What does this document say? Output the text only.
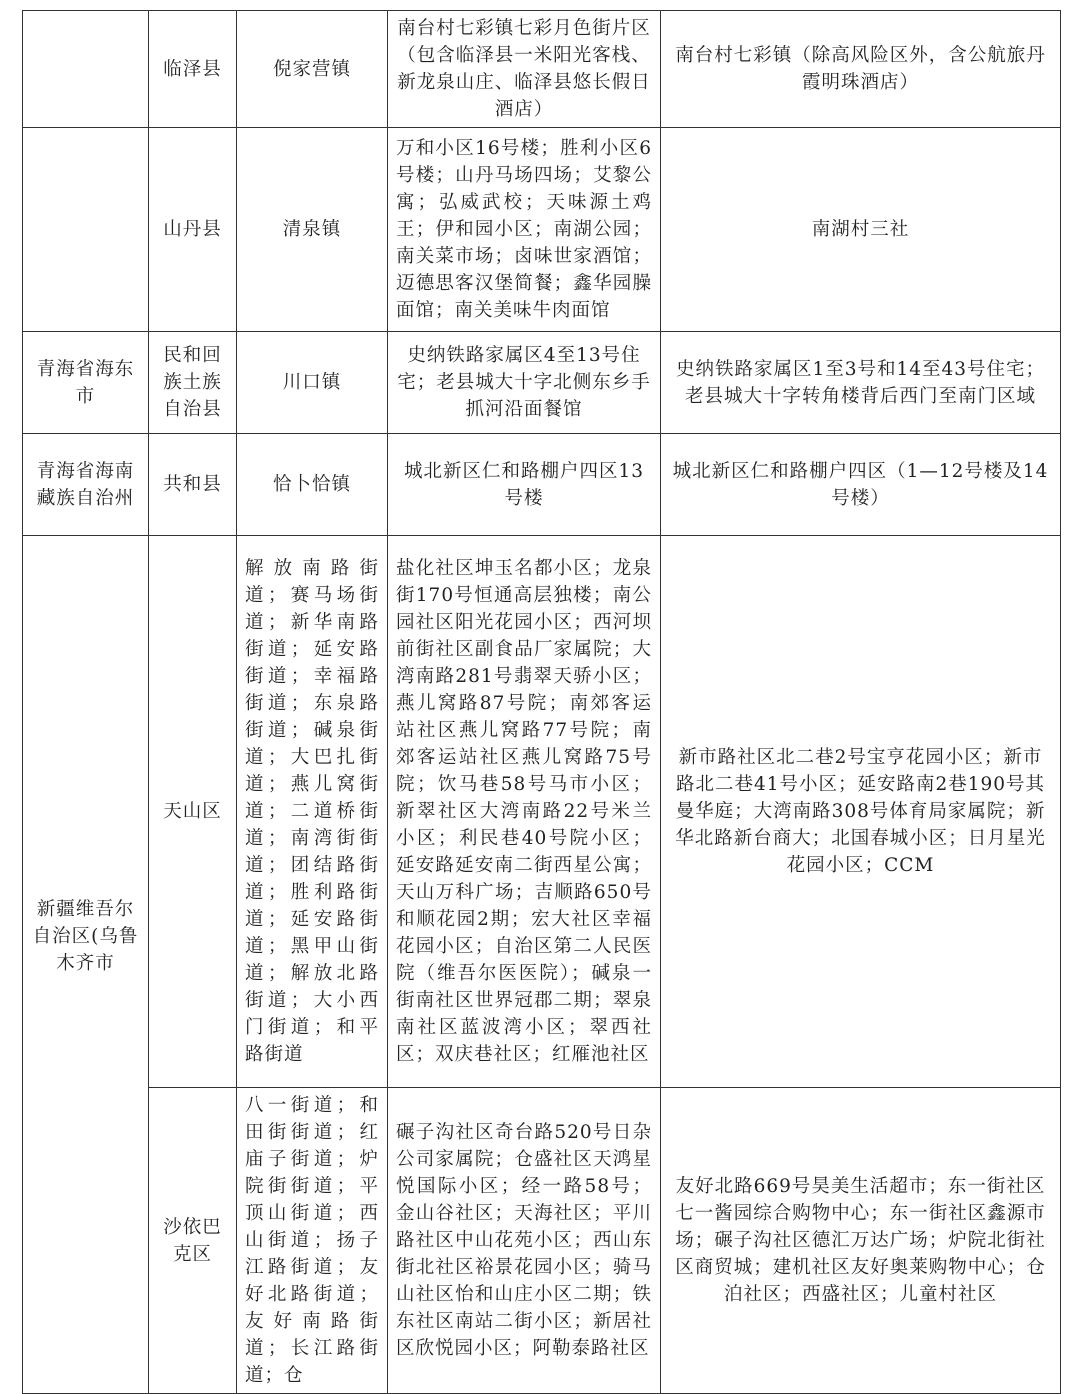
	临泽县	倪家营镇	南台村七彩镇七彩月色街片区（包含临泽县一米阳光客栈、新龙泉山庄、临泽县悠长假日酒店）	南台村七彩镇（除高风险区外，含公航旅丹霞明珠酒店）
	山丹县	清泉镇	万和小区16号楼；胜利小区6号楼；山丹马场四场；艾黎公寓；弘威武校；天味源土鸡王；伊和园小区；南湖公园；南关菜市场；卤味世家酒馆；迈德思客汉堡简餐；鑫华园臊面馆；南关美味牛肉面馆	南湖村三社
青海省海东市	民和回族土族自治县	川口镇	史纳铁路家属区4至13号住宅；老县城大十字北侧东乡手抓河沿面餐馆	史纳铁路家属区1至3号和14至43号住宅；老县城大十字转角楼背后西门至南门区域
青海省海南藏族自治州	共和县	恰卜恰镇	城北新区仁和路棚户四区13号楼	城北新区仁和路棚户四区（1—12号楼及14号楼）
新疆维吾尔自治区(乌鲁木齐市	天山区	解放南路街道；赛马场街道；新华南路街道；延安路街道；幸福路街道；东泉路街道；碱泉街道；大巴扎街道；燕儿窝街道；二道桥街道；南湾街街道；团结路街道；胜利路街道；延安路街道；黑甲山街道；解放北路街道；大小西门街道；和平路街道	盐化社区坤玉名都小区；龙泉街170号恒通高层独楼；南公园社区阳光花园小区；西河坝前街社区副食品厂家属院；大湾南路281号翡翠天骄小区；燕儿窝路87号院；南郊客运站社区燕儿窝路77号院；南郊客运站社区燕儿窝路75号院；饮马巷58号马市小区；新翠社区大湾南路22号米兰小区；利民巷40号院小区；延安路延安南二街西星公寓；天山万科广场；吉顺路650号和顺花园2期；宏大社区幸福花园小区；自治区第二人民医院（维吾尔医医院）；碱泉一街南社区世界冠郡二期；翠泉南社区蓝波湾小区；翠西社区；双庆巷社区；红雁池社区	新市路社区北二巷2号宝亨花园小区；新市路北二巷41号小区；延安路南2巷190号其曼华庭；大湾南路308号体育局家属院；新华北路新台商大；北国春城小区；日月星光花园小区；CCM
	沙依巴克区	八一街道；和田街街道；红庙子街道；炉院街街道；平顶山街道；西山街道；扬子江路街道；友好北路街道；友好南路街道；长江路街道；仓	碾子沟社区奇台路520号日杂公司家属院；仓盛社区天鸿星悦国际小区；经一路58号；金山谷社区；天海社区；平川路社区中山花苑小区；西山东街北社区裕景花园小区；骑马山社区怡和山庄小区二期；铁东社区南站二街小区；新居社区欣悦园小区；阿勒泰路社区	友好北路669号昊美生活超市；东一街社区七一酱园综合购物中心；东一街社区鑫源市场；碾子沟社区德汇万达广场；炉院北街社区商贸城；建机社区友好奥莱购物中心；仓泊社区；西盛社区；儿童村社区
